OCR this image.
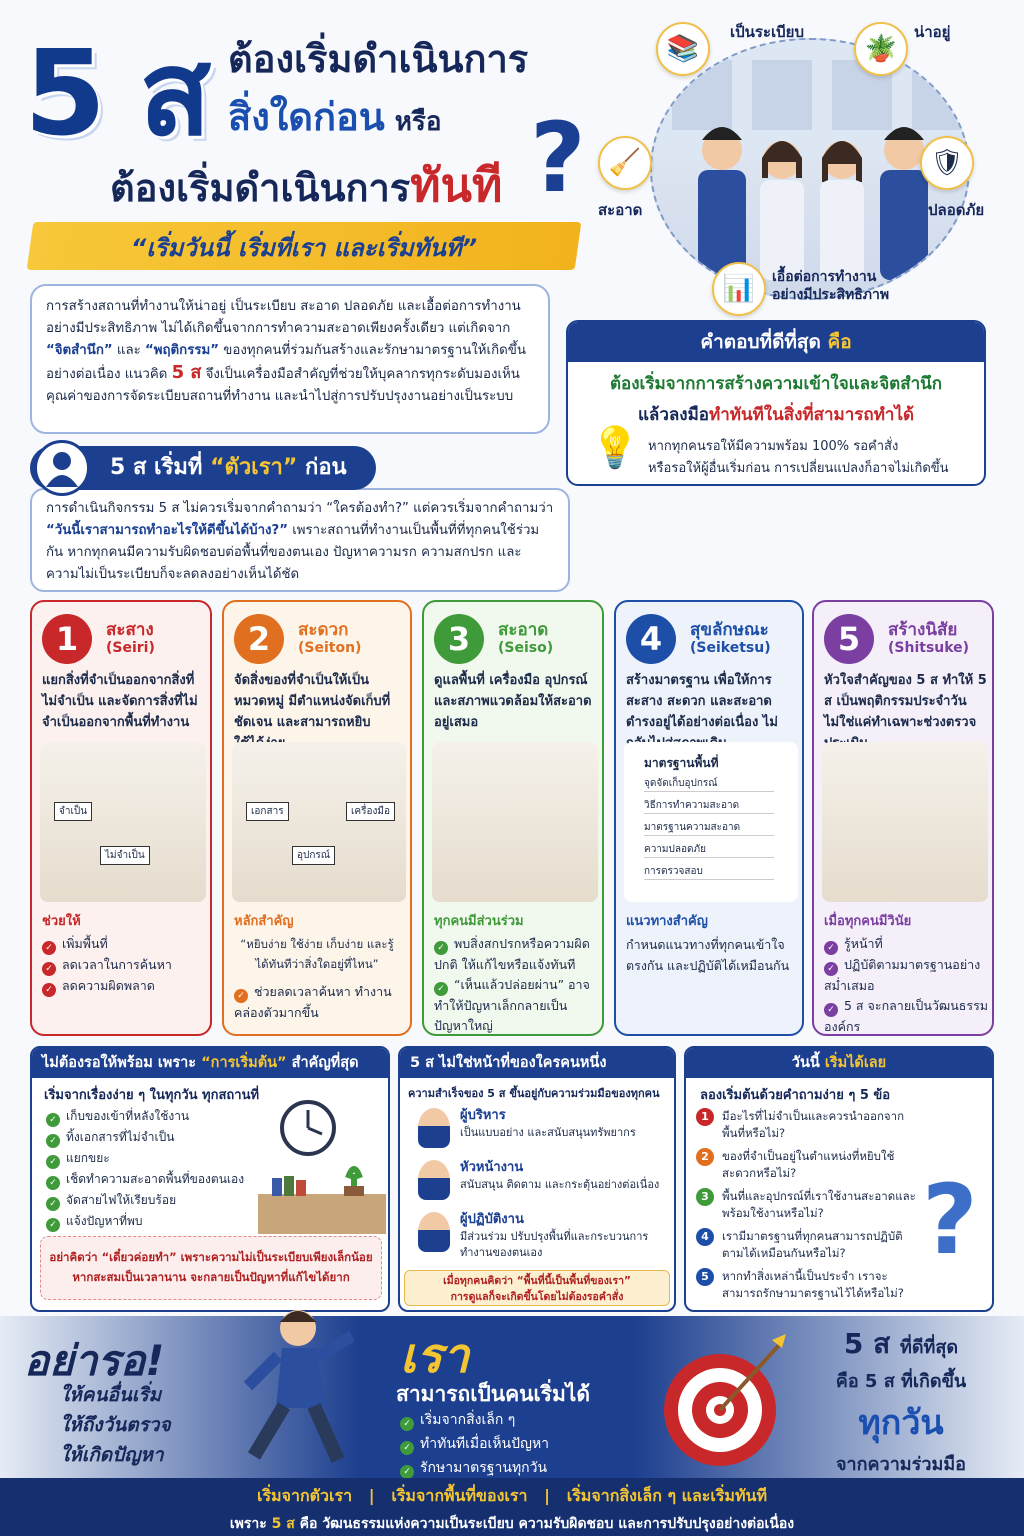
5 ส ต้องเริ่มดำเนินการ
สิ่งใดก่อน หรือ
ต้องเริ่มดำเนินการทันที ?
“เริ่มวันนี้ เริ่มที่เรา และเริ่มทันที”
การสร้างสถานที่ทำงานให้น่าอยู่ เป็นระเบียบ สะอาด ปลอดภัย และเอื้อต่อการทำงานอย่างมีประสิทธิภาพ ไม่ได้เกิดขึ้นจากการทำความสะอาดเพียงครั้งเดียว แต่เกิดจาก “จิตสำนึก” และ “พฤติกรรม” ของทุกคนที่ร่วมกันสร้างและรักษามาตรฐานให้เกิดขึ้นอย่างต่อเนื่อง แนวคิด 5 ส จึงเป็นเครื่องมือสำคัญที่ช่วยให้บุคลากรทุกระดับมองเห็นคุณค่าของการจัดระเบียบสถานที่ทำงาน และนำไปสู่การปรับปรุงงานอย่างเป็นระบบ
📚
เป็นระเบียบ
🪴
น่าอยู่
🧹
สะอาด
🛡
ปลอดภัย
📊	เอื้อต่อการทำงาน
อย่างมีประสิทธิภาพ
คำตอบที่ดีที่สุด คือ
ต้องเริ่มจากการสร้างความเข้าใจและจิตสำนึก
แล้วลงมือทำทันทีในสิ่งที่สามารถทำได้
💡 หากทุกคนรอให้มีความพร้อม 100% รอคำสั่ง
หรือรอให้ผู้อื่นเริ่มก่อน การเปลี่ยนแปลงก็อาจไม่เกิดขึ้น
การดำเนินกิจกรรม 5 ส ไม่ควรเริ่มจากคำถามว่า “ใครต้องทำ?” แต่ควรเริ่มจากคำถามว่า “วันนี้เราสามารถทำอะไรให้ดีขึ้นได้บ้าง?” เพราะสถานที่ทำงานเป็นพื้นที่ที่ทุกคนใช้ร่วมกัน หากทุกคนมีความรับผิดชอบต่อพื้นที่ของตนเอง ปัญหาความรก ความสกปรก และความไม่เป็นระเบียบก็จะลดลงอย่างเห็นได้ชัด
5 ส เริ่มที่ “ตัวเรา” ก่อน
1	สะสาง
(Seiri)
แยกสิ่งที่จำเป็นออกจากสิ่งที่ไม่จำเป็น และจัดการสิ่งที่ไม่จำเป็นออกจากพื้นที่ทำงาน
จำเป็น
ไม่จำเป็น
ช่วยให้
✓ เพิ่มพื้นที่
✓ ลดเวลาในการค้นหา
✓ ลดความผิดพลาด
2	สะดวก
(Seiton)
จัดสิ่งของที่จำเป็นให้เป็นหมวดหมู่ มีตำแหน่งจัดเก็บที่ชัดเจน และสามารถหยิบ
เอกสาร
อุปกรณ์
เครื่องมือ
หลักสำคัญ
“หยิบง่าย ใช้ง่าย เก็บง่าย และรู้ได้ทันทีว่าสิ่งใดอยู่ที่ไหน”
✓ ช่วยลดเวลาค้นหา ทำงานคล่องตัวมากขึ้น
3	สะอาด
(Seiso)
ดูแลพื้นที่ เครื่องมือ อุปกรณ์ และสภาพแวดล้อมให้สะอาดอยู่เสมอ
ทุกคนมีส่วนร่วม
✓ พบสิ่งสกปรกหรือความผิดปกติ ให้แก้ไขหรือแจ้งทันที
✓ “เห็นแล้วปล่อยผ่าน” อาจทำให้ปัญหาเล็กกลายเป็นปัญหาใหญ่
4	สุขลักษณะ
(Seiketsu)
สร้างมาตรฐาน เพื่อให้การสะสาง สะดวก และสะอาด ดำรงอยู่ได้อย่างต่อเนื่อง ไม่
มาตรฐานพื้นที่
จุดจัดเก็บอุปกรณ์
วิธีการทำความสะอาด
มาตรฐานความสะอาด
ความปลอดภัย
การตรวจสอบ
แนวทางสำคัญ
กำหนดแนวทางที่ทุกคนเข้าใจตรงกัน และปฏิบัติได้เหมือนกัน
5	สร้างนิสัย
(Shitsuke)
หัวใจสำคัญของ 5 ส ทำให้ 5 ส เป็นพฤติกรรมประจำวัน ไม่ใช่แค่ทำเฉพาะช่วงตรวจ
เมื่อทุกคนมีวินัย
✓ รู้หน้าที่
✓ ปฏิบัติตามมาตรฐานอย่างสม่ำเสมอ
✓ 5 ส จะกลายเป็นวัฒนธรรมองค์กร
ไม่ต้องรอให้พร้อม เพราะ “การเริ่มต้น” สำคัญที่สุด
เริ่มจากเรื่องง่าย ๆ ในทุกวัน ทุกสถานที่
✓ เก็บของเข้าที่หลังใช้งาน
✓ ทิ้งเอกสารที่ไม่จำเป็น
✓ แยกขยะ
✓ เช็ดทำความสะอาดพื้นที่ของตนเอง
✓ จัดสายไฟให้เรียบร้อย
✓ แจ้งปัญหาที่พบ
อย่าคิดว่า “เดี๋ยวค่อยทำ” เพราะความไม่เป็นระเบียบเพียงเล็กน้อย
หากสะสมเป็นเวลานาน จะกลายเป็นปัญหาที่แก้ไขได้ยาก
5 ส ไม่ใช่หน้าที่ของใครคนหนึ่ง
ความสำเร็จของ 5 ส ขึ้นอยู่กับความร่วมมือของทุกคน
ผู้บริหาร
เป็นแบบอย่าง และสนับสนุนทรัพยากร
หัวหน้างาน
สนับสนุน ติดตาม และกระตุ้นอย่างต่อเนื่อง
ผู้ปฏิบัติงาน
มีส่วนร่วม ปรับปรุงพื้นที่และกระบวนการทำงานของตนเอง
เมื่อทุกคนคิดว่า “พื้นที่นี้เป็นพื้นที่ของเรา”
การดูแลก็จะเกิดขึ้นโดยไม่ต้องรอคำสั่ง
วันนี้ เริ่มได้เลย
ลองเริ่มต้นด้วยคำถามง่าย ๆ 5 ข้อ
1	มีอะไรที่ไม่จำเป็นและควรนำออกจากพื้นที่หรือไม่?
2	ของที่จำเป็นอยู่ในตำแหน่งที่หยิบใช้สะดวกหรือไม่?
3	พื้นที่และอุปกรณ์ที่เราใช้งานสะอาดและพร้อมใช้งานหรือไม่?
4	เรามีมาตรฐานที่ทุกคนสามารถปฏิบัติตามได้เหมือนกันหรือไม่?
5	หากทำสิ่งเหล่านี้เป็นประจำ เราจะสามารถรักษามาตรฐานไว้ได้หรือไม่?
?
อย่ารอ!
ให้คนอื่นเริ่ม
ให้ถึงวันตรวจ
ให้เกิดปัญหา
เรา
สามารถเป็นคนเริ่มได้
✓ เริ่มจากสิ่งเล็ก ๆ
✓ ทำทันทีเมื่อเห็นปัญหา
✓ รักษามาตรฐานทุกวัน
5 ส ที่ดีที่สุด
คือ 5 ส ที่เกิดขึ้น
ทุกวัน
จากความร่วมมือ
เริ่มจากตัวเรา | เริ่มจากพื้นที่ของเรา | เริ่มจากสิ่งเล็ก ๆ และเริ่มทันที
เพราะ 5 ส คือ วัฒนธรรมแห่งความเป็นระเบียบ ความรับผิดชอบ และการปรับปรุงอย่างต่อเนื่อง
